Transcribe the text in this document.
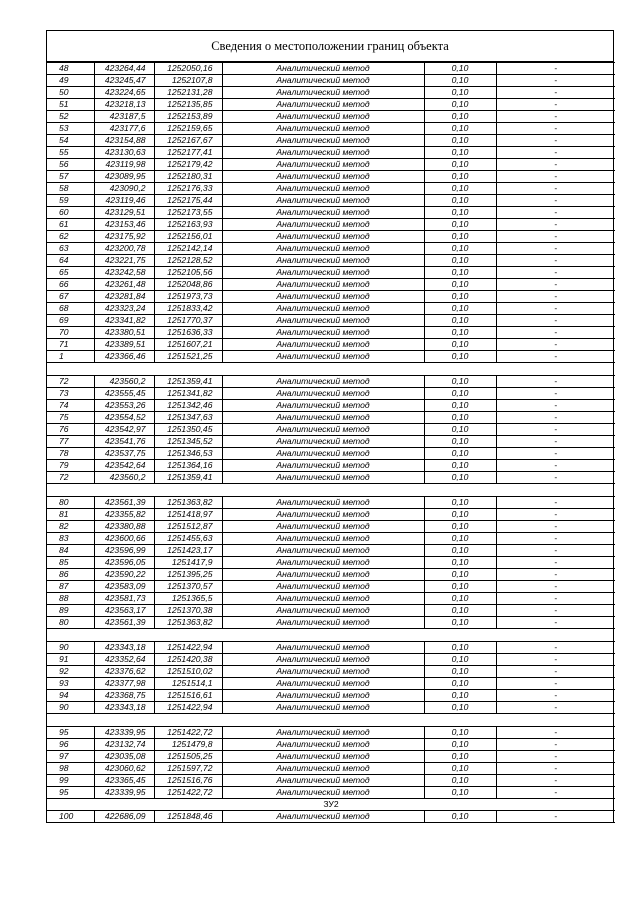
Сведения о местоположении границ объекта
48	423264,44	1252050,16	Аналитический метод	0,10	-
49	423245,47	1252107,8	Аналитический метод	0,10	-
50	423224,65	1252131,28	Аналитический метод	0,10	-
51	423218,13	1252135,85	Аналитический метод	0,10	-
52	423187,5	1252153,89	Аналитический метод	0,10	-
53	423177,6	1252159,65	Аналитический метод	0,10	-
54	423154,88	1252167,67	Аналитический метод	0,10	-
55	423130,63	1252177,41	Аналитический метод	0,10	-
56	423119,98	1252179,42	Аналитический метод	0,10	-
57	423089,95	1252180,31	Аналитический метод	0,10	-
58	423090,2	1252176,33	Аналитический метод	0,10	-
59	423119,46	1252175,44	Аналитический метод	0,10	-
60	423129,51	1252173,55	Аналитический метод	0,10	-
61	423153,46	1252163,93	Аналитический метод	0,10	-
62	423175,92	1252156,01	Аналитический метод	0,10	-
63	423200,78	1252142,14	Аналитический метод	0,10	-
64	423221,75	1252128,52	Аналитический метод	0,10	-
65	423242,58	1252105,56	Аналитический метод	0,10	-
66	423261,48	1252048,86	Аналитический метод	0,10	-
67	423281,84	1251973,73	Аналитический метод	0,10	-
68	423323,24	1251833,42	Аналитический метод	0,10	-
69	423341,82	1251770,37	Аналитический метод	0,10	-
70	423380,51	1251636,33	Аналитический метод	0,10	-
71	423389,51	1251607,21	Аналитический метод	0,10	-
1	423366,46	1251521,25	Аналитический метод	0,10	-

72	423560,2	1251359,41	Аналитический метод	0,10	-
73	423555,45	1251341,82	Аналитический метод	0,10	-
74	423553,26	1251342,46	Аналитический метод	0,10	-
75	423554,52	1251347,63	Аналитический метод	0,10	-
76	423542,97	1251350,45	Аналитический метод	0,10	-
77	423541,76	1251345,52	Аналитический метод	0,10	-
78	423537,75	1251346,53	Аналитический метод	0,10	-
79	423542,64	1251364,16	Аналитический метод	0,10	-
72	423560,2	1251359,41	Аналитический метод	0,10	-

80	423561,39	1251363,82	Аналитический метод	0,10	-
81	423355,82	1251418,97	Аналитический метод	0,10	-
82	423380,88	1251512,87	Аналитический метод	0,10	-
83	423600,66	1251455,63	Аналитический метод	0,10	-
84	423596,99	1251423,17	Аналитический метод	0,10	-
85	423596,05	1251417,9	Аналитический метод	0,10	-
86	423590,22	1251395,25	Аналитический метод	0,10	-
87	423583,09	1251370,57	Аналитический метод	0,10	-
88	423581,73	1251365,5	Аналитический метод	0,10	-
89	423563,17	1251370,38	Аналитический метод	0,10	-
80	423561,39	1251363,82	Аналитический метод	0,10	-

90	423343,18	1251422,94	Аналитический метод	0,10	-
91	423352,64	1251420,38	Аналитический метод	0,10	-
92	423376,62	1251510,02	Аналитический метод	0,10	-
93	423377,98	1251514,1	Аналитический метод	0,10	-
94	423368,75	1251516,61	Аналитический метод	0,10	-
90	423343,18	1251422,94	Аналитический метод	0,10	-

95	423339,95	1251422,72	Аналитический метод	0,10	-
96	423132,74	1251479,8	Аналитический метод	0,10	-
97	423035,08	1251505,25	Аналитический метод	0,10	-
98	423060,62	1251597,72	Аналитический метод	0,10	-
99	423365,45	1251516,76	Аналитический метод	0,10	-
95	423339,95	1251422,72	Аналитический метод	0,10	-
ЗУ2					
100	422686,09	1251848,46	Аналитический метод	0,10	-
